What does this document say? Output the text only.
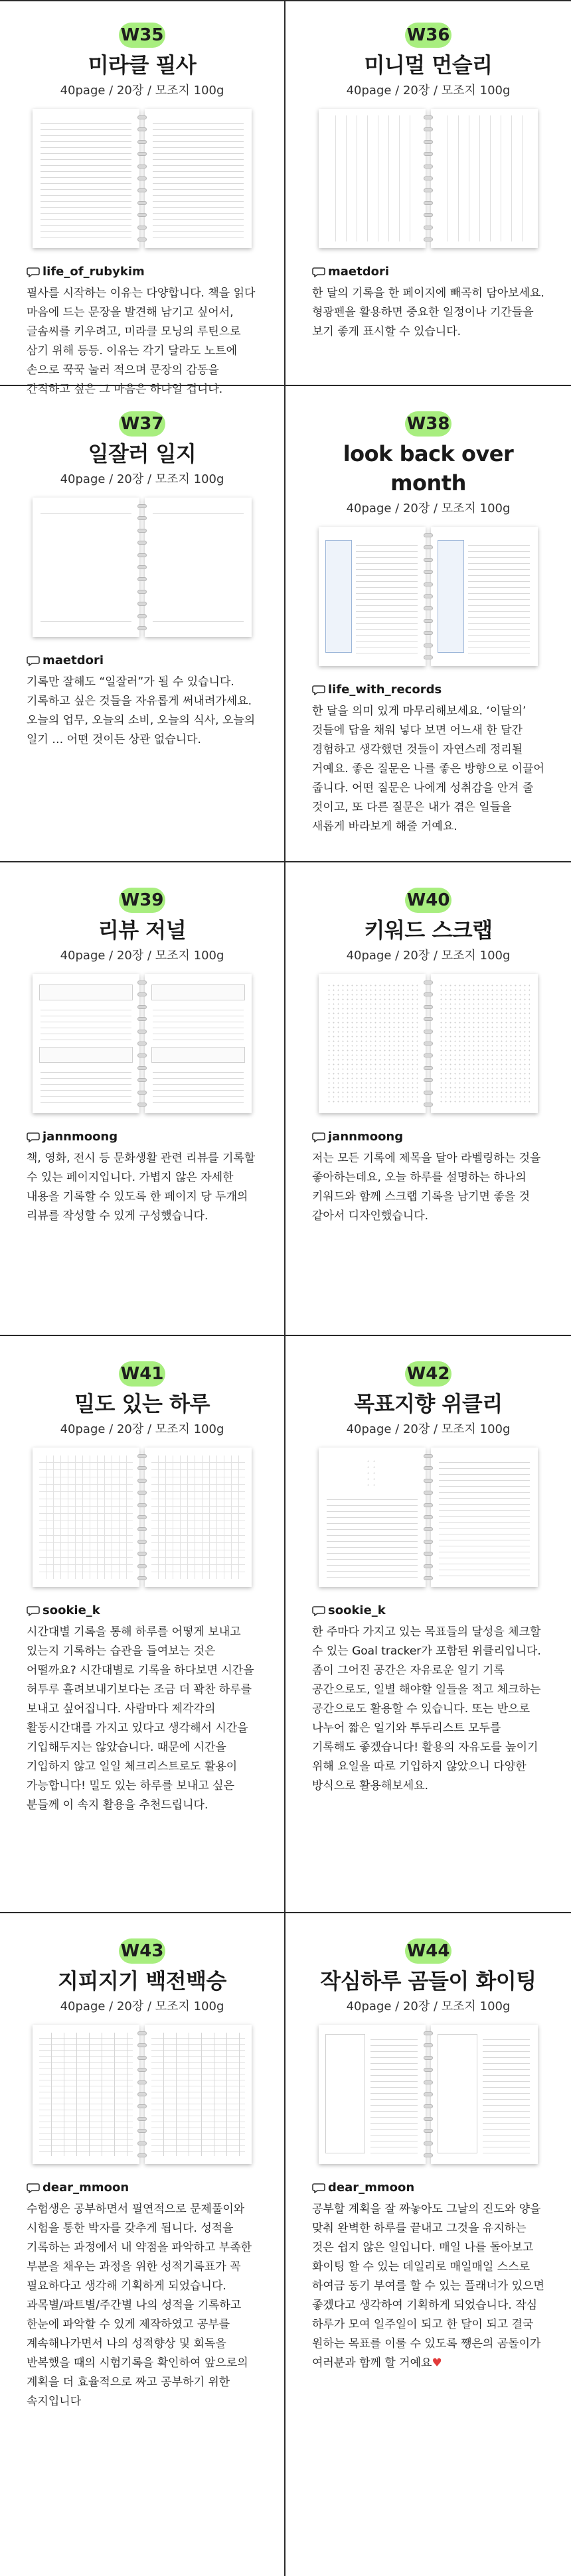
W35
미라클 필사
40page / 20장 / 모조지 100g
life_of_rubykim
필사를 시작하는 이유는 다양합니다. 책을 읽다 마음에 드는 문장을 발견해 남기고 싶어서, 글솜씨를 키우려고, 미라클 모닝의 루틴으로 삼기 위해 등등. 이유는 각기 달라도 노트에 손으로 꾹꾹 눌러 적으며 문장의 감동을 간직하고 싶은 그 마음은 하나일 겁니다.
W36
미니멀 먼슬리
40page / 20장 / 모조지 100g
maetdori
한 달의 기록을 한 페이지에 빼곡히 담아보세요. 형광펜을 활용하면 중요한 일정이나 기간들을 보기 좋게 표시할 수 있습니다.
W37
일잘러 일지
40page / 20장 / 모조지 100g
maetdori
기록만 잘해도 “일잘러”가 될 수 있습니다. 기록하고 싶은 것들을 자유롭게 써내려가세요. 오늘의 업무, 오늘의 소비, 오늘의 식사, 오늘의 일기 … 어떤 것이든 상관 없습니다.
W38
look back over month
40page / 20장 / 모조지 100g
life_with_records
한 달을 의미 있게 마무리해보세요. ‘이달의’ 것들에 답을 채워 넣다 보면 어느새 한 달간 경험하고 생각했던 것들이 자연스레 정리될 거예요. 좋은 질문은 나를 좋은 방향으로 이끌어 줍니다. 어떤 질문은 나에게 성취감을 안겨 줄 것이고, 또 다른 질문은 내가 겪은 일들을 새롭게 바라보게 해줄 거예요.
W39
리뷰 저널
40page / 20장 / 모조지 100g
jannmoong
책, 영화, 전시 등 문화생활 관련 리뷰를 기록할 수 있는 페이지입니다. 가볍지 않은 자세한 내용을 기록할 수 있도록 한 페이지 당 두개의 리뷰를 작성할 수 있게 구성했습니다.
W40
키워드 스크랩
40page / 20장 / 모조지 100g
jannmoong
저는 모든 기록에 제목을 달아 라벨링하는 것을 좋아하는데요, 오늘 하루를 설명하는 하나의 키워드와 함께 스크랩 기록을 남기면 좋을 것 같아서 디자인했습니다.
W41
밀도 있는 하루
40page / 20장 / 모조지 100g
sookie_k
시간대별 기록을 통해 하루를 어떻게 보내고 있는지 기록하는 습관을 들여보는 것은 어떨까요? 시간대별로 기록을 하다보면 시간을 허투루 흘려보내기보다는 조금 더 꽉찬 하루를 보내고 싶어집니다. 사람마다 제각각의 활동시간대를 가지고 있다고 생각해서 시간을 기입해두지는 않았습니다. 때문에 시간을 기입하지 않고 일일 체크리스트로도 활용이 가능합니다! 밀도 있는 하루를 보내고 싶은 분들께 이 속지 활용을 추천드립니다.
W42
목표지향 위클리
40page / 20장 / 모조지 100g
sookie_k
한 주마다 가지고 있는 목표들의 달성을 체크할 수 있는 Goal tracker가 포함된 위클리입니다. 좀이 그어진 공간은 자유로운 일기 기록 공간으로도, 일별 해야할 일들을 적고 체크하는 공간으로도 활용할 수 있습니다. 또는 반으로 나누어 짧은 일기와 투두리스트 모두를 기록해도 좋겠습니다! 활용의 자유도를 높이기 위해 요일을 따로 기입하지 않았으니 다양한 방식으로 활용해보세요.
W43
지피지기 백전백승
40page / 20장 / 모조지 100g
dear_mmoon
수험생은 공부하면서 필연적으로 문제풀이와 시험을 통한 박자를 갖추게 됩니다. 성적을 기록하는 과정에서 내 약점을 파악하고 부족한 부분을 채우는 과정을 위한 성적기록표가 꼭 필요하다고 생각해 기획하게 되었습니다. 과목별/파트별/주간별 나의 성적을 기록하고 한눈에 파악할 수 있게 제작하였고 공부를 계속해나가면서 나의 성적향상 및 회독을 반복했을 때의 시험기록을 확인하여 앞으로의 계획을 더 효율적으로 짜고 공부하기 위한 속지입니다
W44
작심하루 곰들이 화이팅
40page / 20장 / 모조지 100g
dear_mmoon
공부할 계획을 잘 짜놓아도 그날의 진도와 양을 맞춰 완벽한 하루를 끝내고 그것을 유지하는 것은 쉽지 않은 일입니다. 매일 나를 돌아보고 화이팅 할 수 있는 데일리로 매일매일 스스로 하여금 동기 부여를 할 수 있는 플래너가 있으면 좋겠다고 생각하여 기획하게 되었습니다. 작심 하루가 모여 일주일이 되고 한 달이 되고 결국 원하는 목표를 이룰 수 있도록 쨍은의 곰돌이가 여러분과 함께 할 거예요♥
